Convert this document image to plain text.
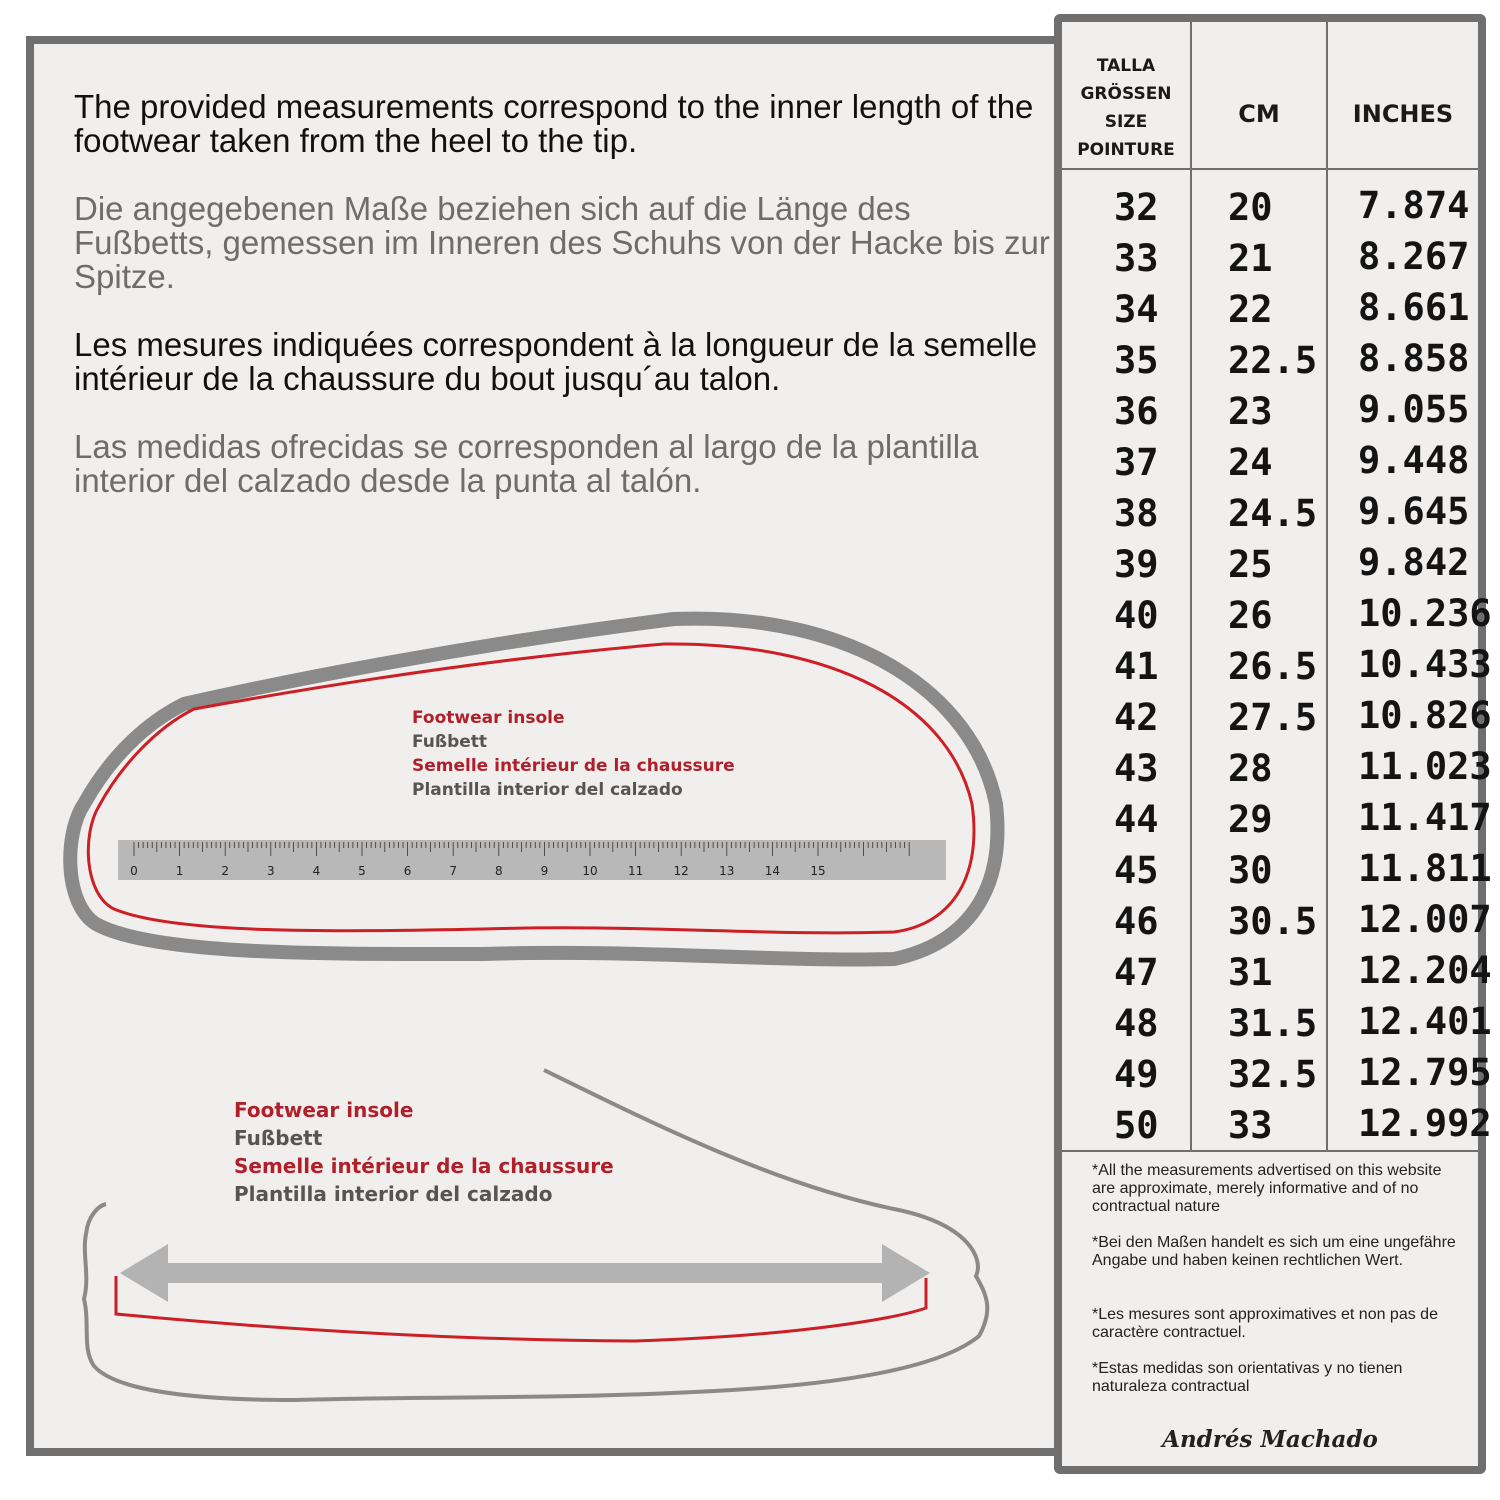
The provided measurements correspond to the inner length of the footwear taken from the heel to the tip.

Die angegebenen Maße beziehen sich auf die Länge des Fußbetts, gemessen im Inneren des Schuhs von der Hacke bis zur Spitze.

Les mesures indiquées correspondent à la longueur de la semelle intérieur de la chaussure du bout jusqu´au talon.

Las medidas ofrecidas se corresponden al largo de la plantilla interior del calzado desde la punta al talón.

0	1	2	3	4	5	6	7	8	9	10	11	12	13	14	15
Footwear insole
Fußbett
Semelle intérieur de la chaussure
Plantilla interior del calzado
Footwear insole
Fußbett
Semelle intérieur de la chaussure
Plantilla interior del calzado
TALLA
GRÖSSEN
SIZE
POINTURE
CM	INCHES
32 20 7.874
33 21 8.267
34 22 8.661
35 22.5 8.858
36 23 9.055
37 24 9.448
38 24.5 9.645
39 25 9.842
40 26 10.236
41 26.5 10.433
42 27.5 10.826
43 28 11.023
44 29 11.417
45 30 11.811
46 30.5 12.007
47 31 12.204
48 31.5 12.401
49 32.5 12.795
50 33 12.992

*All the measurements advertised on this website are approximate, merely informative and of no contractual nature

*Bei den Maßen handelt es sich um eine ungefähre Angabe und haben keinen rechtlichen Wert.

*Les mesures sont approximatives et non pas de caractère contractuel.

*Estas medidas son orientativas y no tienen naturaleza contractual

Andrés Machado
